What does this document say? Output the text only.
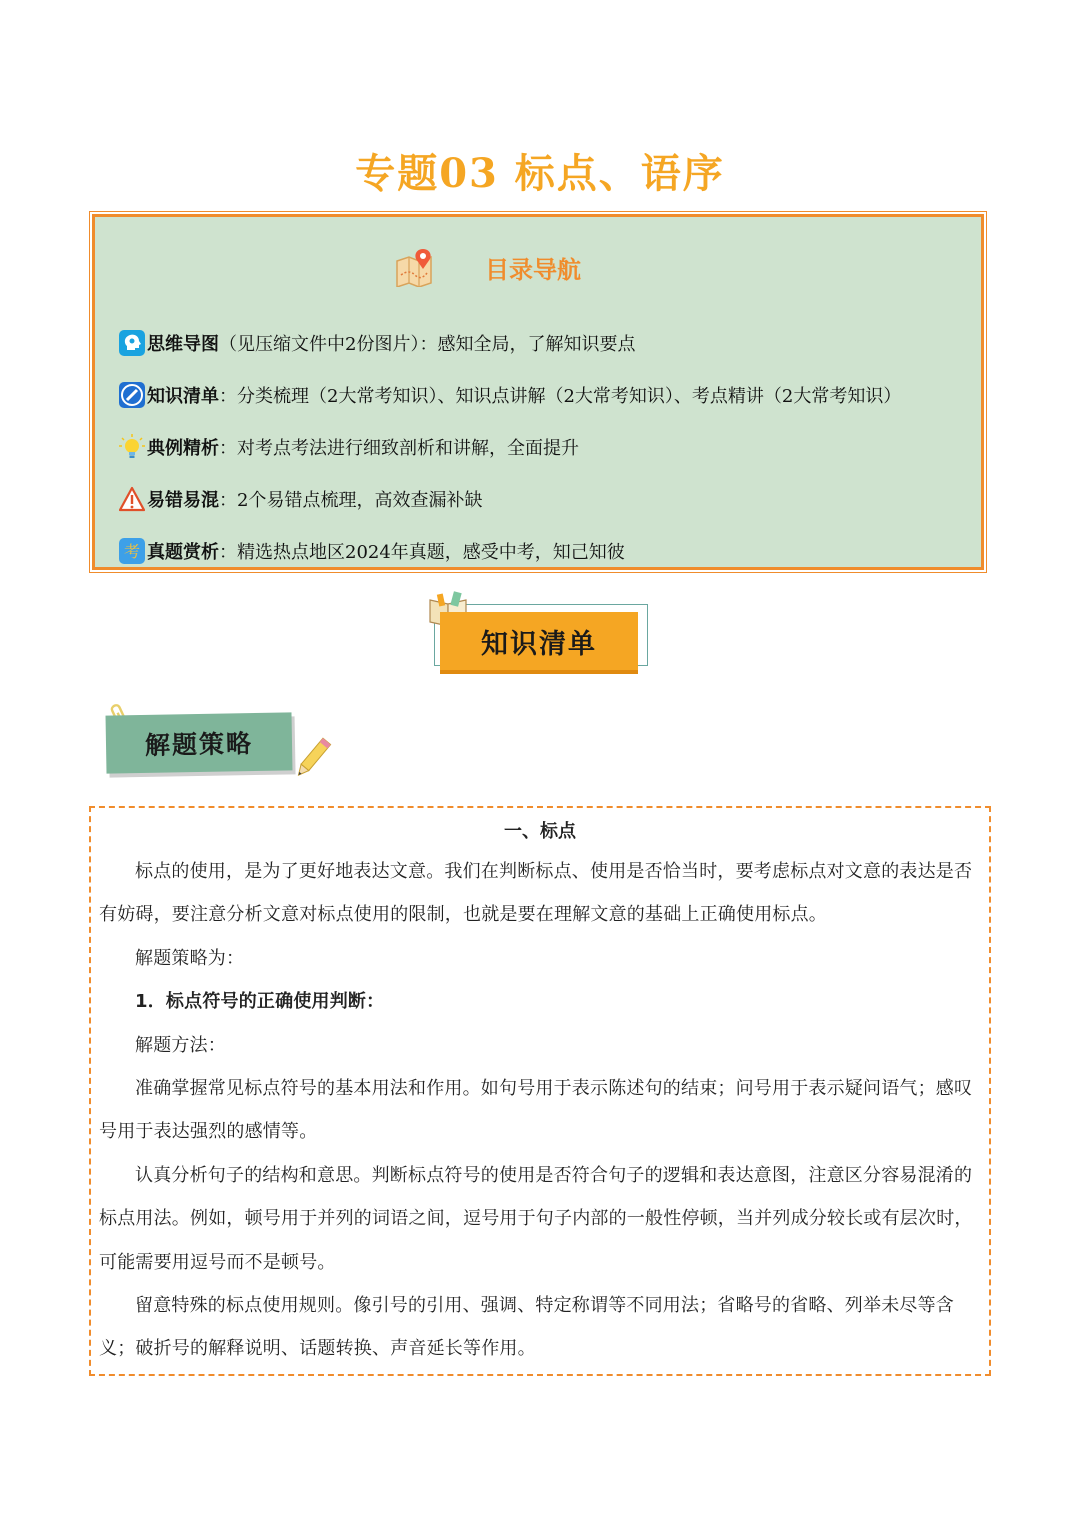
专题03 标点、语序
目录导航
思维导图 （见压缩文件中2份图片）：感知全局，了解知识要点
知识清单 ：分类梳理（2大常考知识）、知识点讲解（2大常考知识）、考点精讲（2大常考知识）
典例精析 ：对考点考法进行细致剖析和讲解，全面提升
易错易混 ：2个易错点梳理，高效查漏补缺
考 真题赏析 ：精选热点地区2024年真题，感受中考，知己知彼
知识清单
解题策略
一、标点

标点的使用，是为了更好地表达文意。我们在判断标点、使用是否恰当时，要考虑标点对文意的表达是否有妨碍，要注意分析文意对标点使用的限制，也就是要在理解文意的基础上正确使用标点。

解题策略为：

1．标点符号的正确使用判断：

解题方法：

准确掌握常见标点符号的基本用法和作用。如句号用于表示陈述句的结束；问号用于表示疑问语气；感叹号用于表达强烈的感情等。

认真分析句子的结构和意思。判断标点符号的使用是否符合句子的逻辑和表达意图，注意区分容易混淆的标点用法。例如，顿号用于并列的词语之间，逗号用于句子内部的一般性停顿，当并列成分较长或有层次时，可能需要用逗号而不是顿号。

留意特殊的标点使用规则。像引号的引用、强调、特定称谓等不同用法；省略号的省略、列举未尽等含义；破折号的解释说明、话题转换、声音延长等作用。
